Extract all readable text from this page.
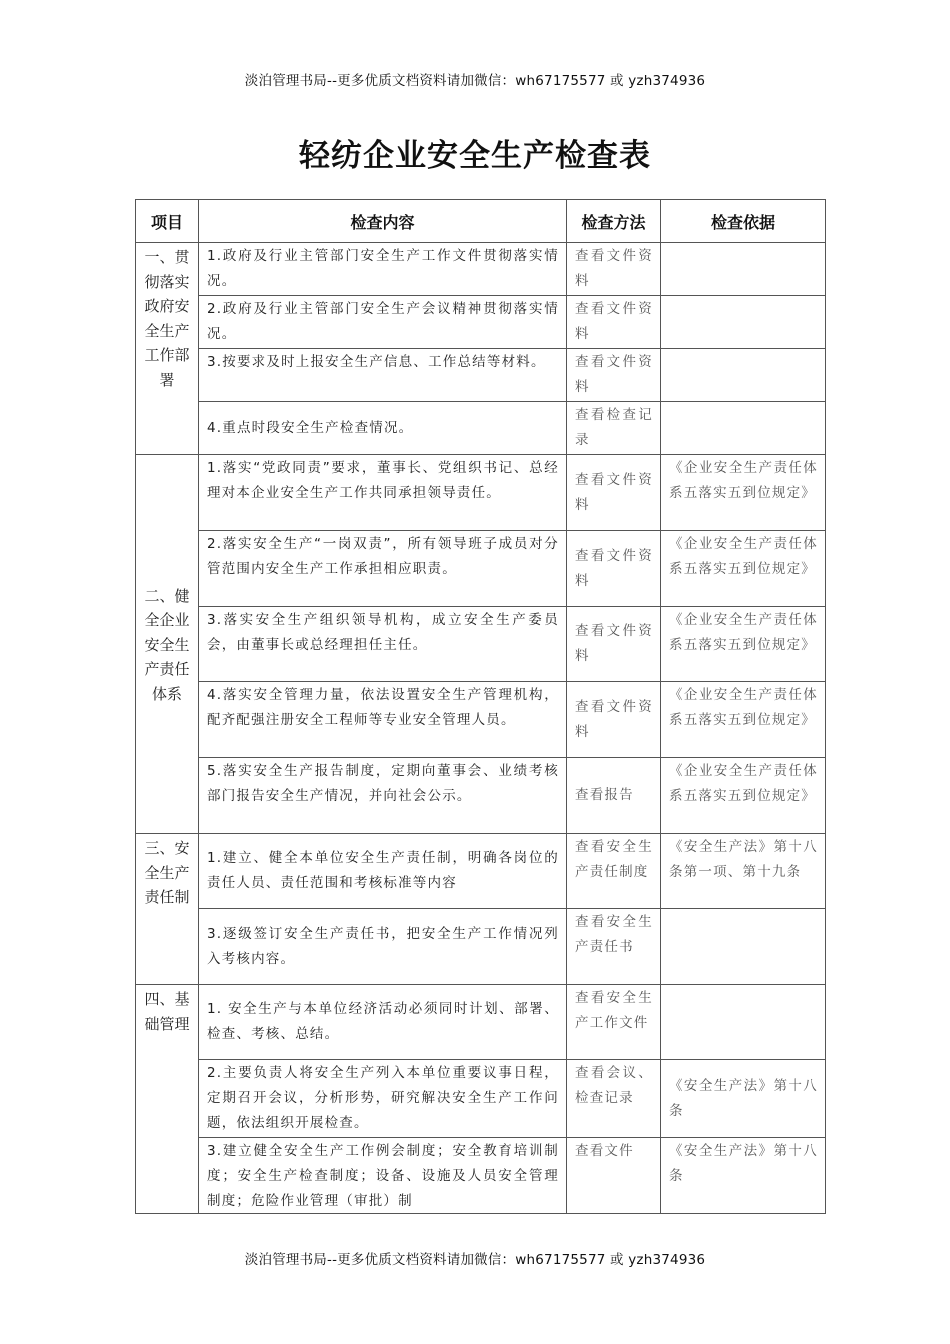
淡泊管理书局--更多优质文档资料请加微信：wh67175577 或 yzh374936
轻纺企业安全生产检查表
项目	检查内容	检查方法	检查依据

一、贯彻落实政府安全生产工作部署	1.政府及行业主管部门安全生产工作文件贯彻落实情况。	查看文件资料	

	2.政府及行业主管部门安全生产会议精神贯彻落实情况。	查看文件资料	

	3.按要求及时上报安全生产信息、工作总结等材料。	查看文件资料	

	4.重点时段安全生产检查情况。	查看检查记录	

二、健全企业安全生产责任体系	1.落实“党政同责”要求，董事长、党组织书记、总经理对本企业安全生产工作共同承担领导责任。	查看文件资料	《企业安全生产责任体系五落实五到位规定》

	2.落实安全生产“一岗双责”，所有领导班子成员对分管范围内安全生产工作承担相应职责。	查看文件资料	《企业安全生产责任体系五落实五到位规定》

	3.落实安全生产组织领导机构，成立安全生产委员会，由董事长或总经理担任主任。	查看文件资料	《企业安全生产责任体系五落实五到位规定》

	4.落实安全管理力量，依法设置安全生产管理机构，配齐配强注册安全工程师等专业安全管理人员。	查看文件资料	《企业安全生产责任体系五落实五到位规定》

	5.落实安全生产报告制度，定期向董事会、业绩考核部门报告安全生产情况，并向社会公示。	查看报告	《企业安全生产责任体系五落实五到位规定》

三、安全生产责任制	1.建立、健全本单位安全生产责任制，明确各岗位的责任人员、责任范围和考核标准等内容	查看安全生产责任制度	《安全生产法》第十八条第一项、第十九条

	3.逐级签订安全生产责任书，把安全生产工作情况列入考核内容。	查看安全生产责任书	

四、基础管理	1. 安全生产与本单位经济活动必须同时计划、部署、检查、考核、总结。	查看安全生产工作文件	

	2.主要负责人将安全生产列入本单位重要议事日程，定期召开会议，分析形势，研究解决安全生产工作问题，依法组织开展检查。	查看会议、检查记录	《安全生产法》第十八条

	3.建立健全安全生产工作例会制度；安全教育培训制度；安全生产检查制度；设备、设施及人员安全管理制度；危险作业管理（审批）制	查看文件	《安全生产法》第十八条
淡泊管理书局--更多优质文档资料请加微信：wh67175577 或 yzh374936
